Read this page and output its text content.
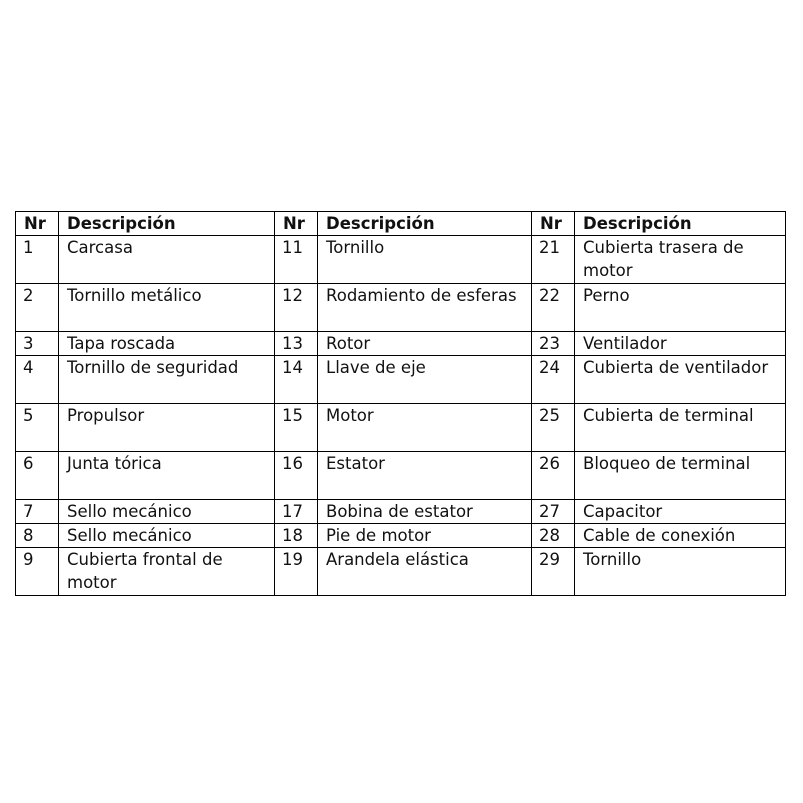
Nr	Descripción	Nr	Descripción	Nr	Descripción
1	Carcasa	11	Tornillo	21	Cubierta trasera de motor
2	Tornillo metálico	12	Rodamiento de esferas	22	Perno
3	Tapa roscada	13	Rotor	23	Ventilador
4	Tornillo de seguridad	14	Llave de eje	24	Cubierta de ventilador
5	Propulsor	15	Motor	25	Cubierta de terminal
6	Junta tórica	16	Estator	26	Bloqueo de terminal
7	Sello mecánico	17	Bobina de estator	27	Capacitor
8	Sello mecánico	18	Pie de motor	28	Cable de conexión
9	Cubierta frontal de motor	19	Arandela elástica	29	Tornillo
